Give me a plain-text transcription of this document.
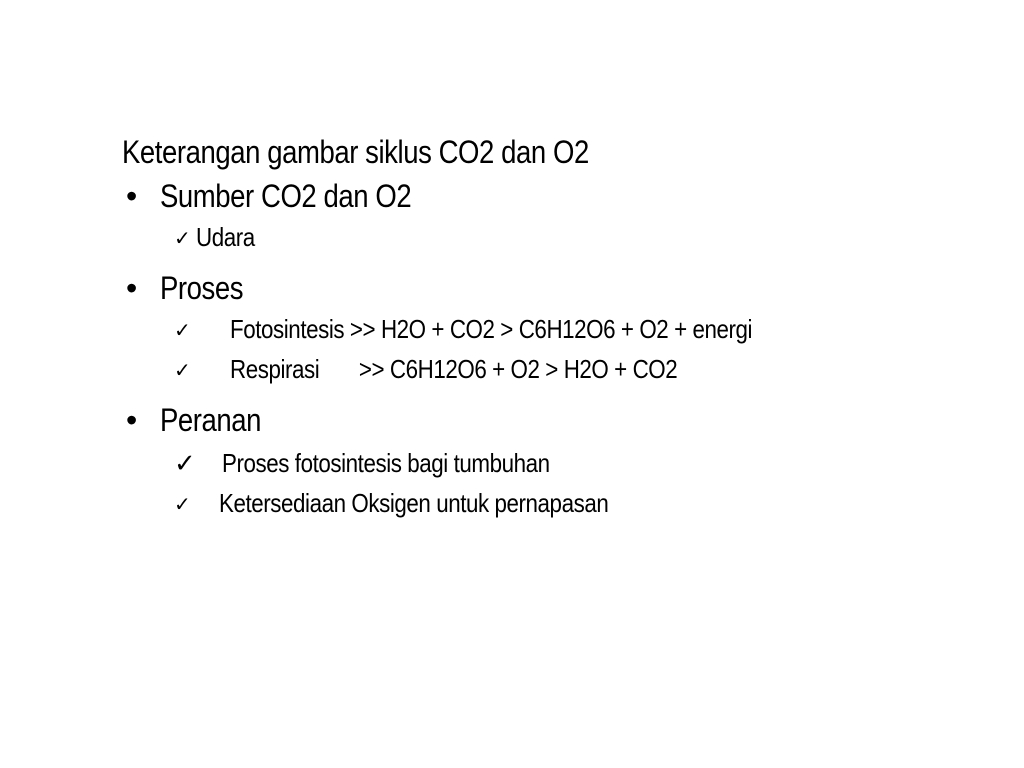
Keterangan gambar siklus CO2 dan O2
• Sumber CO2 dan O2
✓ Udara
• Proses
✓ Fotosintesis >> H2O + CO2 > C6H12O6 + O2 + energi
✓ Respirasi >> C6H12O6 + O2 > H2O + CO2
• Peranan
✓ Proses fotosintesis bagi tumbuhan
✓ Ketersediaan Oksigen untuk pernapasan
